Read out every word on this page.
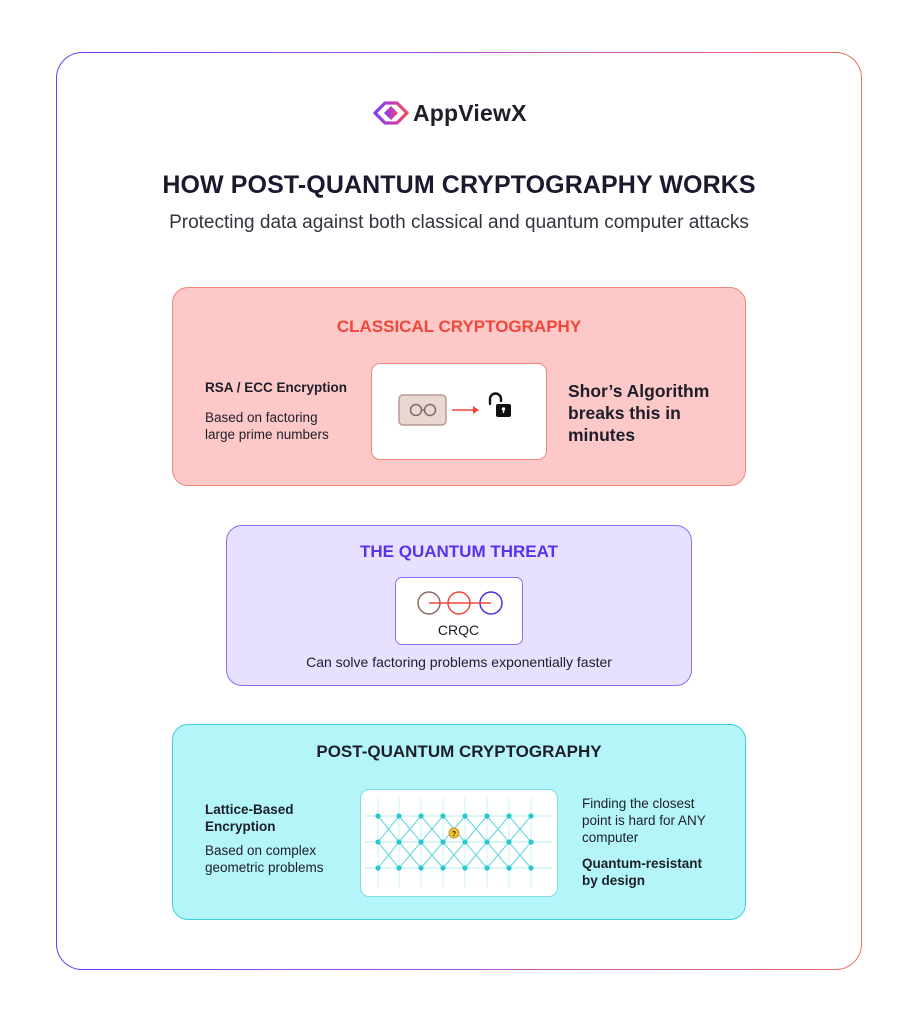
AppViewX
HOW POST-QUANTUM CRYPTOGRAPHY WORKS
Protecting data against both classical and quantum computer attacks
CLASSICAL CRYPTOGRAPHY
RSA / ECC Encryption
Based on factoring
large prime numbers
Shor’s Algorithm
breaks this in
minutes
THE QUANTUM THREAT
CRQC
Can solve factoring problems exponentially faster
POST-QUANTUM CRYPTOGRAPHY
Lattice-Based
Encryption
Based on complex
geometric problems
?
Finding the closest
point is hard for ANY
computer
Quantum-resistant
by design
